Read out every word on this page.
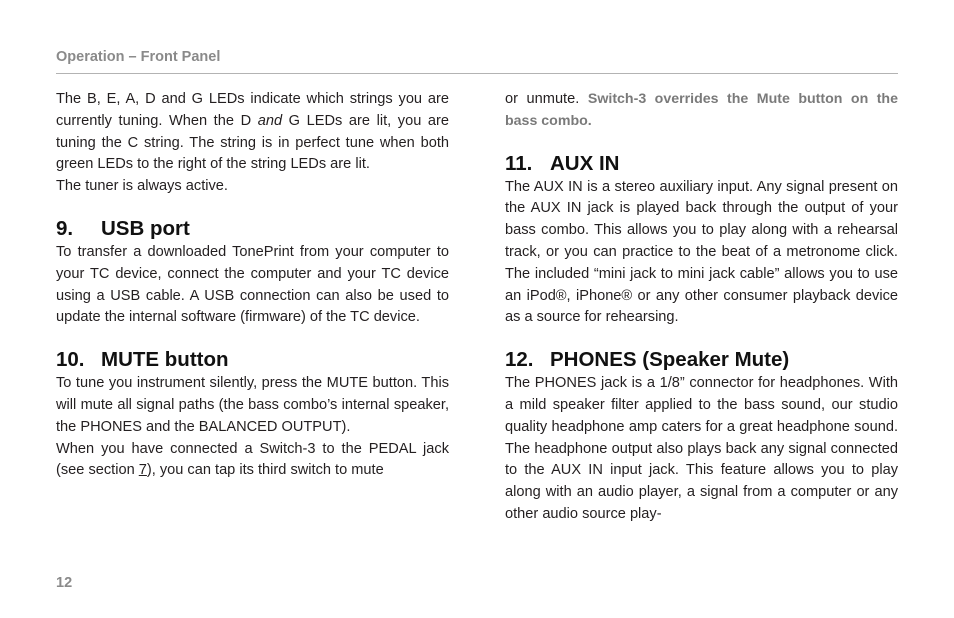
Operation – Front Panel

The B, E, A, D and G LEDs indicate which strings you are currently tuning. When the D and G LEDs are lit, you are tuning the C string. The string is in perfect tune when both green LEDs to the right of the string LEDs are lit.

The tuner is always active.

9.	USB port

To transfer a downloaded TonePrint from your computer to your TC device, connect the computer and your TC device using a USB cable. A USB connection can also be used to update the internal software (firmware) of the TC device.

10. MUTE button

To tune you instrument silently, press the MUTE button. This will mute all signal paths (the bass combo’s internal speaker, the PHONES and the BALANCED OUTPUT).

When you have connected a Switch-3 to the PEDAL jack (see section 7), you can tap its third switch to mute

or unmute. Switch-3 overrides the Mute button on the bass combo.

11. AUX IN

The AUX IN is a stereo auxiliary input. Any signal present on the AUX IN jack is played back through the output of your bass combo. This allows you to play along with a rehearsal track, or you can practice to the beat of a metronome click. The included “mini jack to mini jack cable” allows you to use an iPod®, iPhone® or any other consumer playback device as a source for rehearsing.

12. PHONES (Speaker Mute)

The PHONES jack is a 1/8” connector for headphones. With a mild speaker filter applied to the bass sound, our studio quality headphone amp caters for a great headphone sound. The headphone output also plays back any signal connected to the AUX IN input jack. This feature allows you to play along with an audio player, a signal from a computer or any other audio source play-

12
